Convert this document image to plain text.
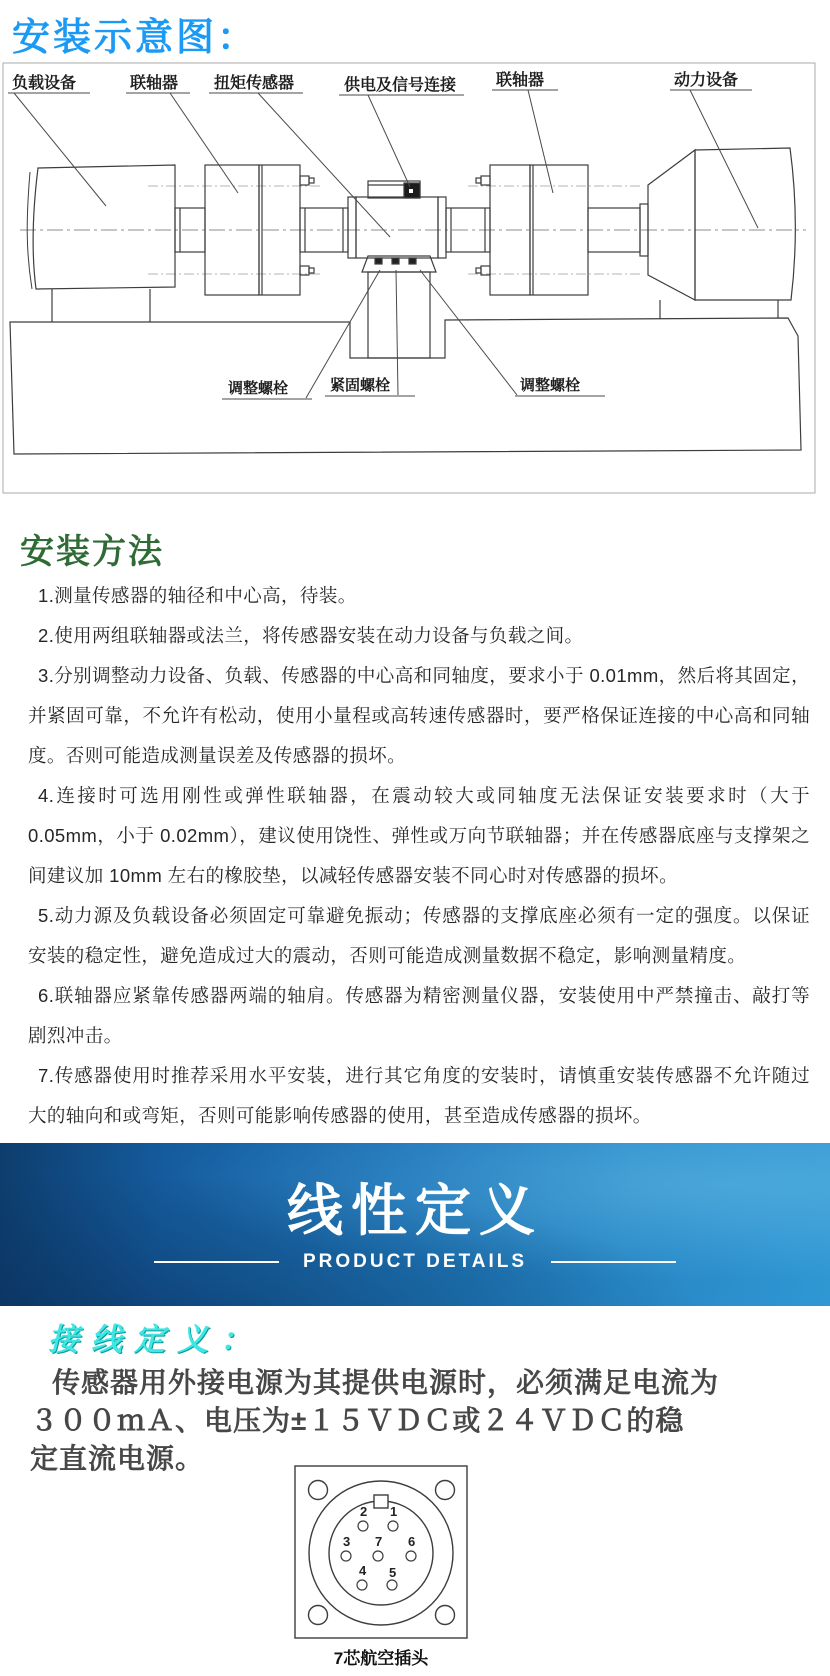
安装示意图：
负载设备	联轴器 扭矩传感器	供电及信号连接 联轴器	动力设备
调整螺栓	紧固螺栓	调整螺栓
安装方法

1.测量传感器的轴径和中心高，待装。

2.使用两组联轴器或法兰，将传感器安装在动力设备与负载之间。

3.分别调整动力设备、负载、传感器的中心高和同轴度，要求小于 0.01mm，然后将其固定，并紧固可靠，不允许有松动，使用小量程或高转速传感器时，要严格保证连接的中心高和同轴度。否则可能造成测量误差及传感器的损坏。

4.连接时可选用刚性或弹性联轴器，在震动较大或同轴度无法保证安装要求时（大于 0.05mm，小于 0.02mm），建议使用饶性、弹性或万向节联轴器；并在传感器底座与支撑架之间建议加 10mm 左右的橡胶垫，以减轻传感器安装不同心时对传感器的损坏。

5.动力源及负载设备必须固定可靠避免振动；传感器的支撑底座必须有一定的强度。以保证安装的稳定性，避免造成过大的震动，否则可能造成测量数据不稳定，影响测量精度。

6.联轴器应紧靠传感器两端的轴肩。传感器为精密测量仪器，安装使用中严禁撞击、敲打等剧烈冲击。

7.传感器使用时推荐采用水平安装，进行其它角度的安装时，请慎重安装传感器不允许随过大的轴向和或弯矩，否则可能影响传感器的使用，甚至造成传感器的损坏。

线性定义
PRODUCT DETAILS
接线定义：
传感器用外接电源为其提供电源时，必须满足电流为
３００ｍＡ、电压为±１５ＶＤＣ或２４ＶＤＣ的稳
定直流电源。
1
2
3
4 5
6
7
7芯航空插头
